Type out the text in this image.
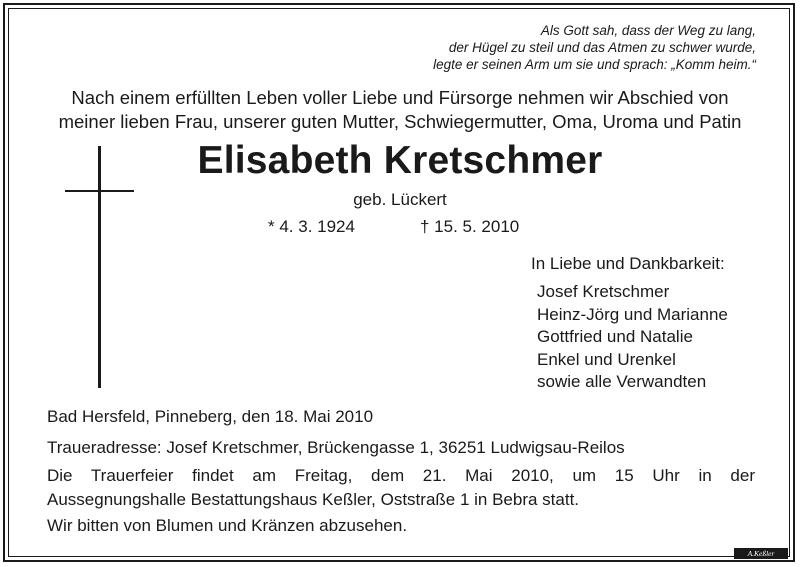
Als Gott sah, dass der Weg zu lang,
der Hügel zu steil und das Atmen zu schwer wurde,
legte er seinen Arm um sie und sprach: „Komm heim.“
Nach einem erfüllten Leben voller Liebe und Fürsorge nehmen wir Abschied von
meiner lieben Frau, unserer guten Mutter, Schwiegermutter, Oma, Uroma und Patin
Elisabeth Kretschmer
geb. Lückert
* 4. 3. 1924	† 15. 5. 2010
In Liebe und Dankbarkeit:
Josef Kretschmer
Heinz-Jörg und Marianne
Gottfried und Natalie
Enkel und Urenkel
sowie alle Verwandten
Bad Hersfeld, Pinneberg, den 18. Mai 2010
Traueradresse: Josef Kretschmer, Brückengasse 1, 36251 Ludwigsau-Reilos
Die Trauerfeier findet am Freitag, dem 21. Mai 2010, um 15 Uhr in der
Aussegnungshalle Bestattungshaus Keßler, Oststraße 1 in Bebra statt.
Wir bitten von Blumen und Kränzen abzusehen.
A.Keßler
